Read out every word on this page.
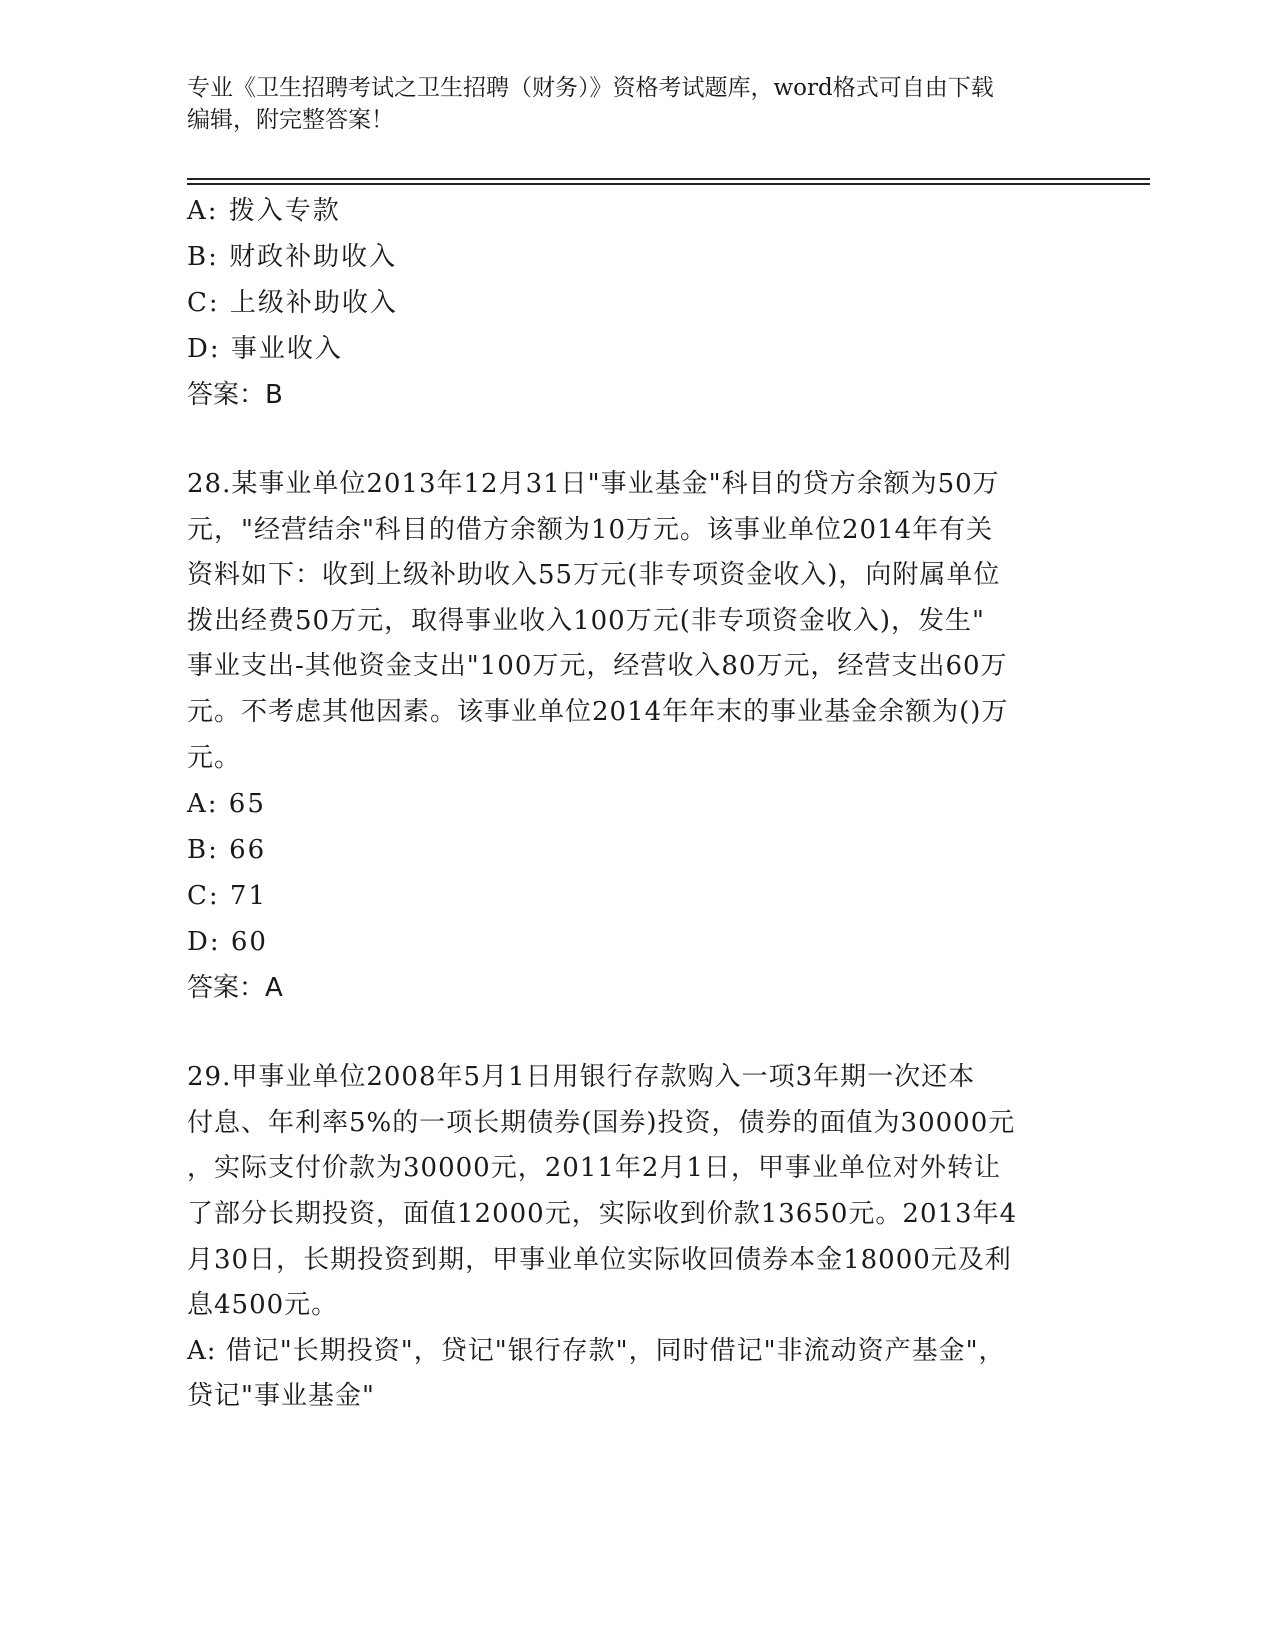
专业《卫生招聘考试之卫生招聘（财务）》资格考试题库，word格式可自由下载
编辑，附完整答案！
A: 拨入专款
B: 财政补助收入
C: 上级补助收入
D: 事业收入
答案：B
28.某事业单位2013年12月31日"事业基金"科目的贷方余额为50万
元，"经营结余"科目的借方余额为10万元。该事业单位2014年有关
资料如下：收到上级补助收入55万元(非专项资金收入)，向附属单位
拨出经费50万元，取得事业收入100万元(非专项资金收入)，发生"
事业支出-其他资金支出"100万元，经营收入80万元，经营支出60万
元。不考虑其他因素。该事业单位2014年年末的事业基金余额为()万
元。
A: 65
B: 66
C: 71
D: 60
答案：A
29.甲事业单位2008年5月1日用银行存款购入一项3年期一次还本
付息、年利率5%的一项长期债券(国券)投资，债券的面值为30000元
，实际支付价款为30000元，2011年2月1日，甲事业单位对外转让
了部分长期投资，面值12000元，实际收到价款13650元。2013年4
月30日，长期投资到期，甲事业单位实际收回债券本金18000元及利
息4500元。
A: 借记"长期投资"，贷记"银行存款"，同时借记"非流动资产基金"，
贷记"事业基金"
